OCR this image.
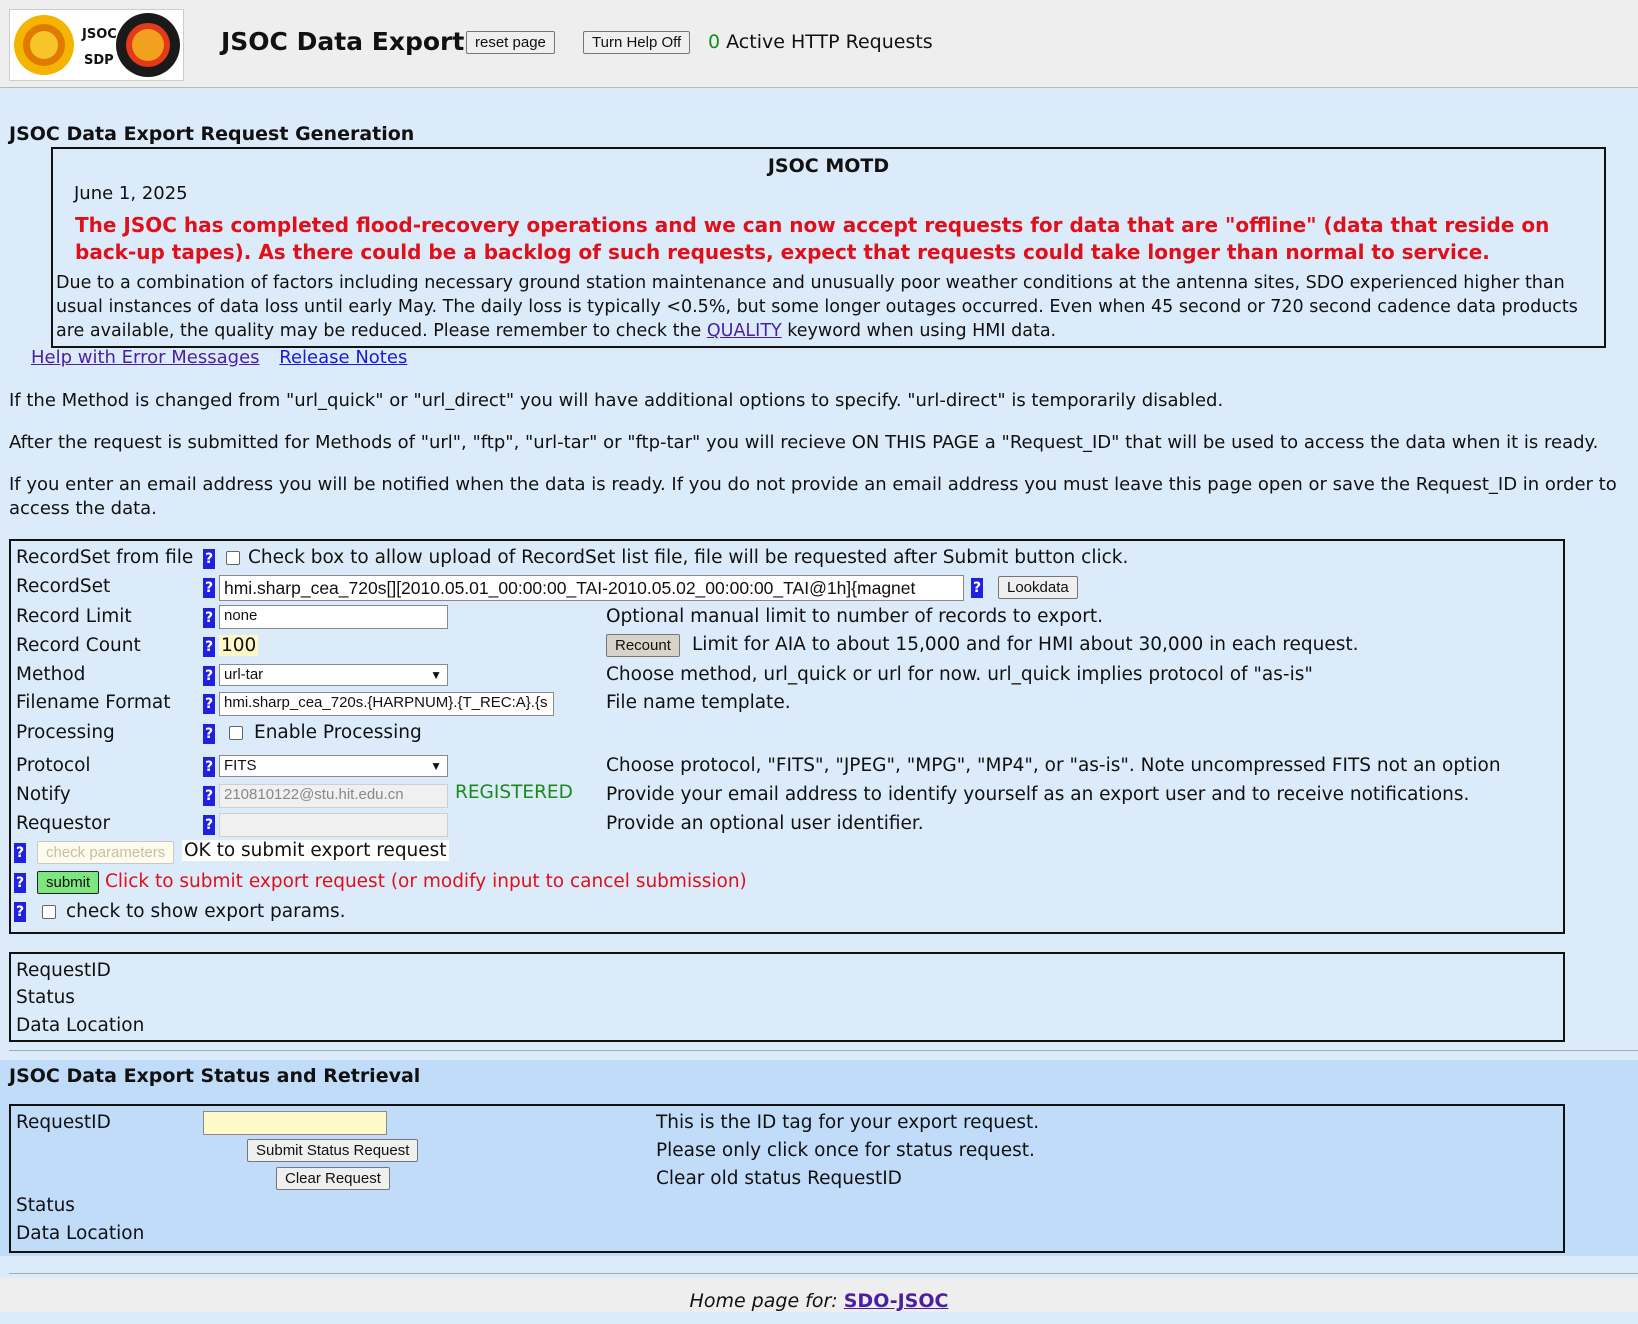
JSOC
SDP
JSOC Data Export reset page	Turn Help Off	0 Active HTTP Requests
JSOC Data Export Request Generation
JSOC MOTD
June 1, 2025
The JSOC has completed flood-recovery operations and we can now accept requests for data that are "offline" (data that reside on back-up tapes). As there could be a backlog of such requests, expect that requests could take longer than normal to service.
Due to a combination of factors including necessary ground station maintenance and unusually poor weather conditions at the antenna sites, SDO experienced higher than usual instances of data loss until early May. The daily loss is typically <0.5%, but some longer outages occurred. Even when 45 second or 720 second cadence data products are available, the quality may be reduced. Please remember to check the QUALITY keyword when using HMI data.
Help with Error Messages Release Notes
If the Method is changed from "url_quick" or "url_direct" you will have additional options to specify. "url-direct" is temporarily disabled.
After the request is submitted for Methods of "url", "ftp", "url-tar" or "ftp-tar" you will recieve ON THIS PAGE a "Request_ID" that will be used to access the data when it is ready.
If you enter an email address you will be notified when the data is ready. If you do not provide an email address you must leave this page open or save the Request_ID in order to access the data.
RecordSet from file ? Check box to allow upload of RecordSet list file, file will be requested after Submit button click.
RecordSet	? hmi.sharp_cea_720s[][2010.05.01_00:00:00_TAI-2010.05.02_00:00:00_TAI@1h]{magnet	?	Lookdata
Record Limit	? none	Optional manual limit to number of records to export.
Record Count	? 100	Recount	Limit for AIA to about 15,000 and for HMI about 30,000 in each request.
Method	? url-tar	▼	Choose method, url_quick or url for now. url_quick implies protocol of "as-is"
Filename Format ? hmi.sharp_cea_720s.{HARPNUM}.{T_REC:A}.{s	File name template.
Processing	? Enable Processing
Protocol	? FITS	▼	Choose protocol, "FITS", "JPEG", "MPG", "MP4", or "as-is". Note uncompressed FITS not an option
Notify	? 210810122@stu.hit.edu.cn	REGISTERED Provide your email address to identify yourself as an export user and to receive notifications.
Requestor	?	Provide an optional user identifier.
?	check parameters	OK to submit export request
?	submit Click to submit export request (or modify input to cancel submission)
? check to show export params.
RequestID
Status
Data Location
JSOC Data Export Status and Retrieval
RequestID	This is the ID tag for your export request.
Submit Status Request	Please only click once for status request.
Clear Request	Clear old status RequestID
Status
Data Location
Home page for: SDO-JSOC
